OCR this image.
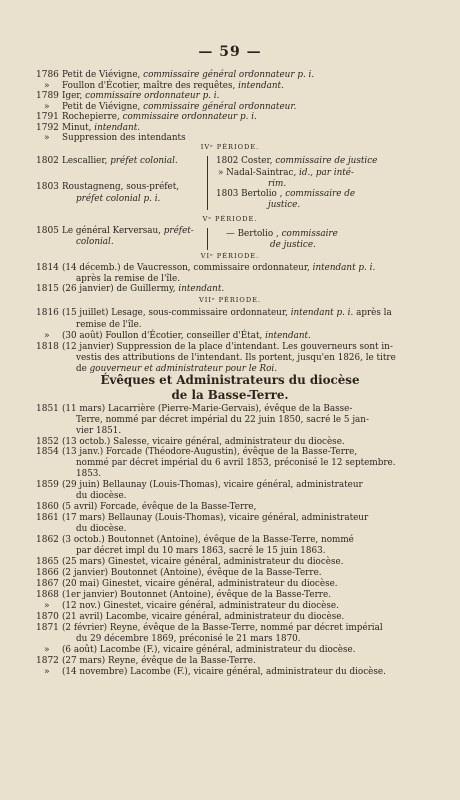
— 59 —
1786 Petit de Viévigne, commissaire général ordonnateur p. i.
» Foullon d'Écotier, maître des requêtes, intendant.
1789 Iger, commissaire ordonnateur p. i.
» Petit de Viévigne, commissaire général ordonnateur.
1791 Rochepierre, commissaire ordonnateur p. i.
1792 Minut, intendant.
» Suppression des intendants
IVᵉ PÉRIODE.
1802 Lescallier, préfet colonial.
1803 Roustagneng, sous-préfet,
préfet colonial p. i.
1802 Coster, commissaire de justice
» Nadal-Saintrac, id., par inté-
rim.
1803 Bertolio , commissaire de
justice.
Vᵉ PÉRIODE.
1805 Le général Kerversau, préfet-
colonial.
— Bertolio , commissaire
de justice.
VIᵉ PÉRIODE.
1814 (14 décemb.) de Vaucresson, commissaire ordonnateur, intendant p. i.
après la remise de l'île.
1815 (26 janvier) de Guillermy, intendant.
VIIᵉ PÉRIODE.
1816 (15 juillet) Lesage, sous-commissaire ordonnateur, intendant p. i. après la
remise de l'île.
» (30 août) Foullon d'Écotier, conseiller d'État, intendant.
1818 (12 janvier) Suppression de la place d'intendant. Les gouverneurs sont in-
vestis des attributions de l'intendant. Ils portent, jusqu'en 1826, le titre
de gouverneur et administrateur pour le Roi.
Évêques et Administrateurs du diocèse
de la Basse-Terre.
1851 (11 mars) Lacarrière (Pierre-Marie-Gervais), évêque de la Basse-
Terre, nommé par décret impérial du 22 juin 1850, sacré le 5 jan-
vier 1851.
1852 (13 octob.) Salesse, vicaire général, administrateur du diocèse.
1854 (13 janv.) Forcade (Théodore-Augustin), évêque de la Basse-Terre,
nommé par décret impérial du 6 avril 1853, préconisé le 12 septembre.
1853.
1859 (29 juin) Bellaunay (Louis-Thomas), vicaire général, administrateur
du diocèse.
1860 (5 avril) Forcade, évêque de la Basse-Terre,
1861 (17 mars) Bellaunay (Louis-Thomas), vicaire général, administrateur
du diocèse.
1862 (3 octob.) Boutonnet (Antoine), évêque de la Basse-Terre, nommé
par décret impl du 10 mars 1863, sacré le 15 juin 1863.
1865 (25 mars) Ginestet, vicaire général, administrateur du diocèse.
1866 (2 janvier) Boutonnet (Antoine), évêque de la Basse-Terre.
1867 (20 mai) Ginestet, vicaire général, administrateur du diocèse.
1868 (1er janvier) Boutonnet (Antoine), évêque de la Basse-Terre.
» (12 nov.) Ginestet, vicaire général, administrateur du diocèse.
1870 (21 avril) Lacombe, vicaire général, administrateur du diocèse.
1871 (2 février) Reyne, évêque de la Basse-Terre, nommé par décret impérial
du 29 décembre 1869, préconisé le 21 mars 1870.
» (6 août) Lacombe (F.), vicaire général, administrateur du diocèse.
1872 (27 mars) Reyne, évêque de la Basse-Terre.
» (14 novembre) Lacombe (F.), vicaire général, administrateur du diocèse.
